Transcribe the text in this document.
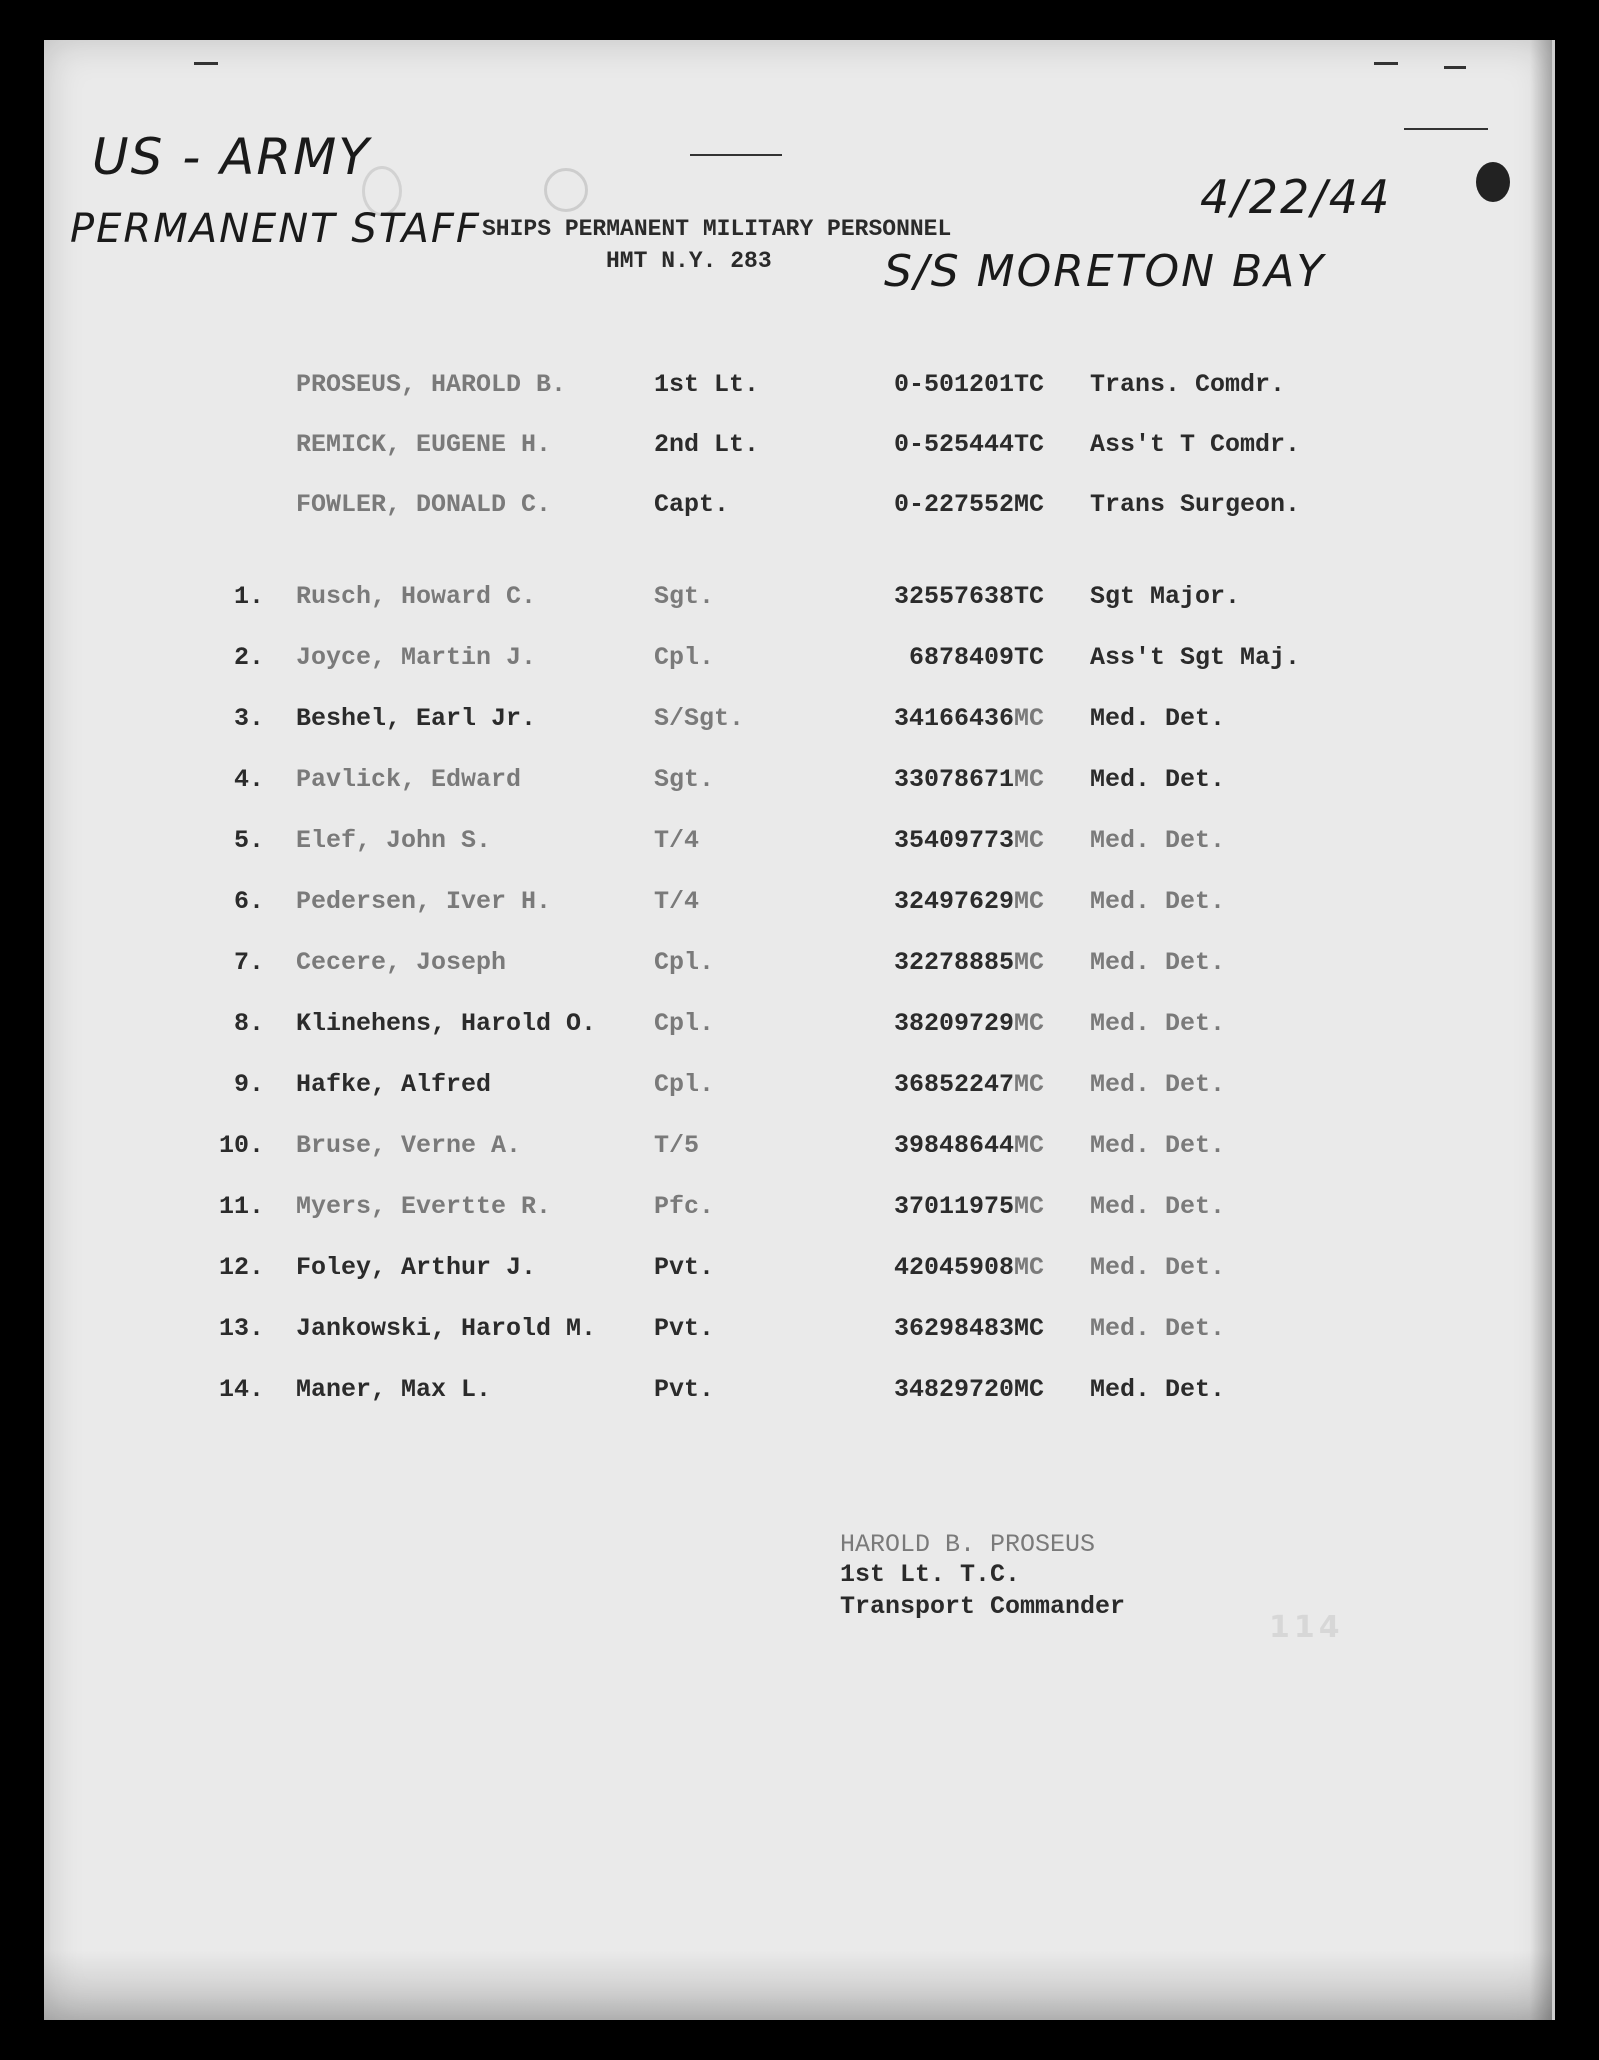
US - ARMY
PERMANENT STAFF
4/22/44
S/S MORETON BAY
SHIPS PERMANENT MILITARY PERSONNEL
HMT N.Y. 283
PROSEUS, HAROLD B.	1st Lt.	0-501201 TC Trans. Comdr.
REMICK, EUGENE H.	2nd Lt.	0-525444 TC Ass't T Comdr.
FOWLER, DONALD C.	Capt.	0-227552 MC Trans Surgeon.
1. Rusch, Howard C.	Sgt.	32557638 TC Sgt Major.
2. Joyce, Martin J.	Cpl.	6878409 TC Ass't Sgt Maj.
3. Beshel, Earl Jr.	S/Sgt.	34166436 MC Med. Det.
4. Pavlick, Edward	Sgt.	33078671 MC Med. Det.
5. Elef, John S.	T/4	35409773 MC Med. Det.
6. Pedersen, Iver H.	T/4	32497629 MC Med. Det.
7. Cecere, Joseph	Cpl.	32278885 MC Med. Det.
8. Klinehens, Harold O. Cpl.	38209729 MC Med. Det.
9. Hafke, Alfred	Cpl.	36852247 MC Med. Det.
10. Bruse, Verne A.	T/5	39848644 MC Med. Det.
11. Myers, Evertte R.	Pfc.	37011975 MC Med. Det.
12. Foley, Arthur J.	Pvt.	42045908 MC Med. Det.
13. Jankowski, Harold M. Pvt.	36298483 MC Med. Det.
14. Maner, Max L.	Pvt.	34829720 MC Med. Det.
HAROLD B. PROSEUS
1st Lt. T.C.
Transport Commander
114
